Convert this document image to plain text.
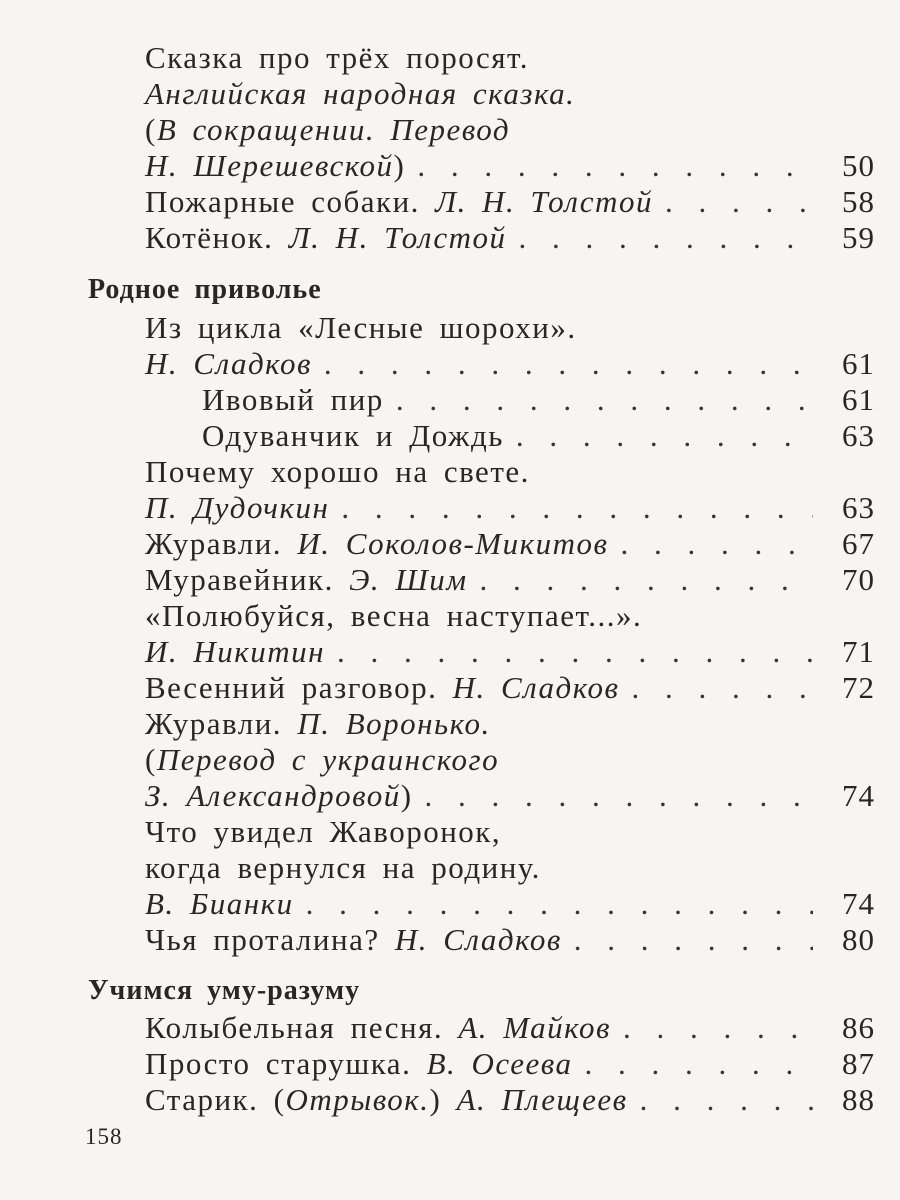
Сказка про трёх поросят.
Английская народная сказка.
( В сокращении. Перевод
Н. Шерешевской ) . . .	50
Пожарные собаки. Л. Н. Толстой . . .	58
Котёнок. Л. Н. Толстой . . .	59
Родное приволье
Из цикла «Лесные шорохи».
Н. Сладков . . .	61
Ивовый пир . . .	61
Одуванчик и Дождь . . .	63
Почему хорошо на свете.
П. Дудочкин . . .	63
Журавли. И. Соколов-Микитов . . .	67
Муравейник. Э. Шим . . .	70
«Полюбуйся, весна наступает...».
И. Никитин . . .	71
Весенний разговор. Н. Сладков . . .	72
Журавли. П. Воронько.
( Перевод с украинского
З. Александровой ) . . .	74
Что увидел Жаворонок,
когда вернулся на родину.
В. Бианки . . .	74
Чья проталина? Н. Сладков . . .	80
Учимся уму-разуму
Колыбельная песня. А. Майков . . .	86
Просто старушка. В. Осеева . . .	87
Старик. ( Отрывок. ) А. Плещеев . . .	88
158
